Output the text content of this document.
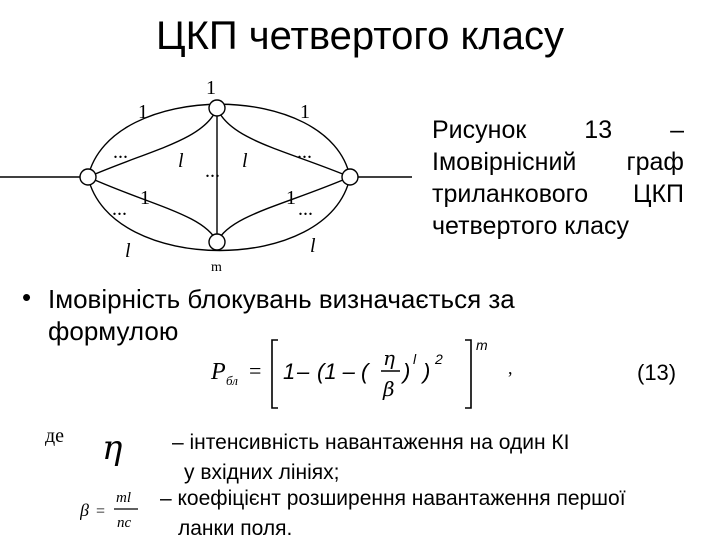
ЦКП четвертого класу
1
1	1
...	...
l ... l
... 1	1 ...
l	l
m
Рисунок 13 –
Імовірнісний граф
триланкового ЦКП
четвертого класу
• Імовірність блокувань визначається за
формулою
P бл = 1 – (1 – ( ) l ) 2
m
η
β
,	(13)
де η – інтенсивність навантаження на один КІ
у вхідних лініях;
β =
ml
nc
– коефіцієнт розширення навантаження першої
ланки поля.
